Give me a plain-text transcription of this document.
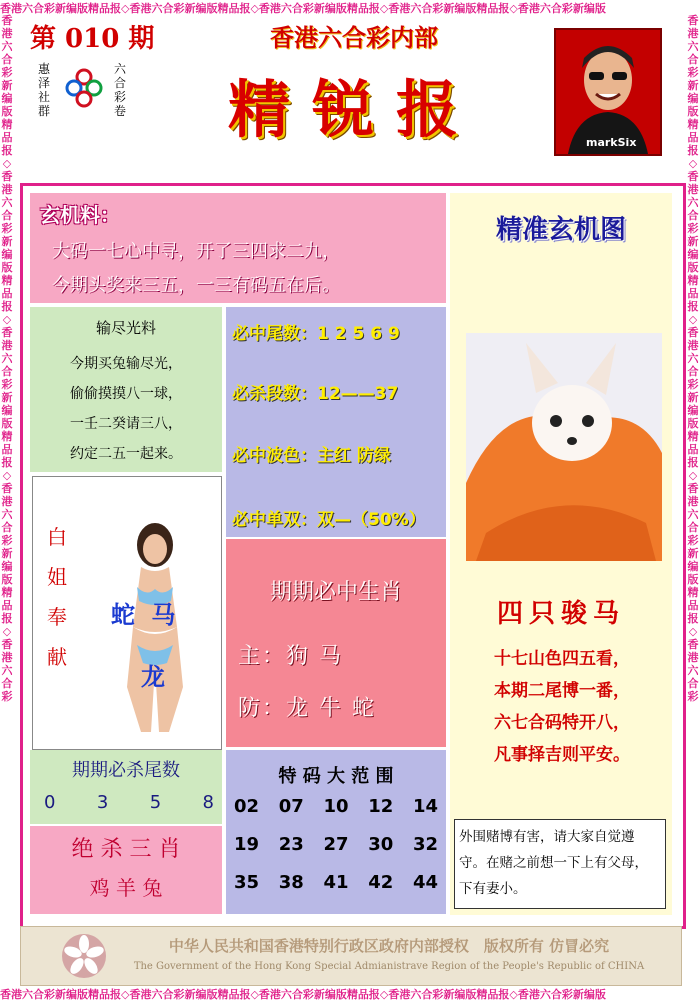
香港六合彩新编版精品报◇香港六合彩新编版精品报◇香港六合彩新编版精品报◇香港六合彩新编版精品报◇香港六合彩新编版
香港六合彩新编版精品报◇香港六合彩新编版精品报◇香港六合彩新编版精品报◇香港六合彩新编版精品报◇香港六合彩新编版
香港六合彩新编版精品报◇香港六合彩新编版精品报◇香港六合彩新编版精品报◇香港六合彩新编版精品报◇香港六合彩
香港六合彩新编版精品报◇香港六合彩新编版精品报◇香港六合彩新编版精品报◇香港六合彩新编版精品报◇香港六合彩
第 010 期
惠泽社群
六合彩卷
香港六合彩内部
精锐报	markSix
玄机料：
大码一七心中寻，开了三四求二九，
今期头奖来三五，一三有码五在后。
输尽光料
今期买兔输尽光，
偷偷摸摸八一球，
一壬二癸请三八，
约定二五一起来。
必中尾数：1 2 5 6 9
必杀段数：12——37
必中波色：主红 防绿
必中单双：双—（50%）
白姐奉献
蛇 马
龙
期期必中生肖
主：狗 马
防：龙 牛 蛇
期期必杀尾数
0 3 5 8
绝 杀 三 肖
鸡 羊 兔
特 码 大 范 围
02 07 10 12 14
19 23 27 30 32
35 38 41 42 44
精准玄机图
四只骏马
十七山色四五看，
本期二尾博一番，
六七合码特开八，
凡事择吉则平安。
外围赌博有害，请大家自觉遵守。在赌之前想一下上有父母，下有妻小。
中华人民共和国香港特别行政区政府内部授权　版权所有 仿冒必究
The Government of the Hong Kong Special Admianistrave Region of the People's Republic of CHINA
